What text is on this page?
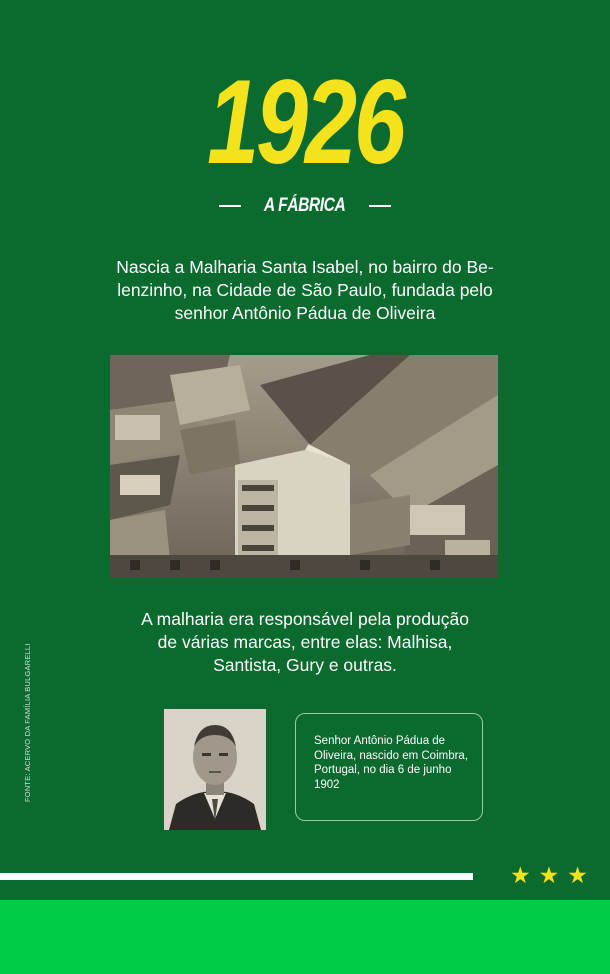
1926
A FÁBRICA
Nascia a Malharia Santa Isabel, no bairro do Be-lenzinho, na Cidade de São Paulo, fundada pelo senhor Antônio Pádua de Oliveira
A malharia era responsável pela produção de várias marcas, entre elas: Malhisa, Santista, Gury e outras.
FONTE: ACERVO DA FAMÍLIA BULGARELLI	Senhor Antônio Pádua de Oliveira, nascido em Coimbra, Portugal, no dia 6 de junho 1902
★ ★ ★
